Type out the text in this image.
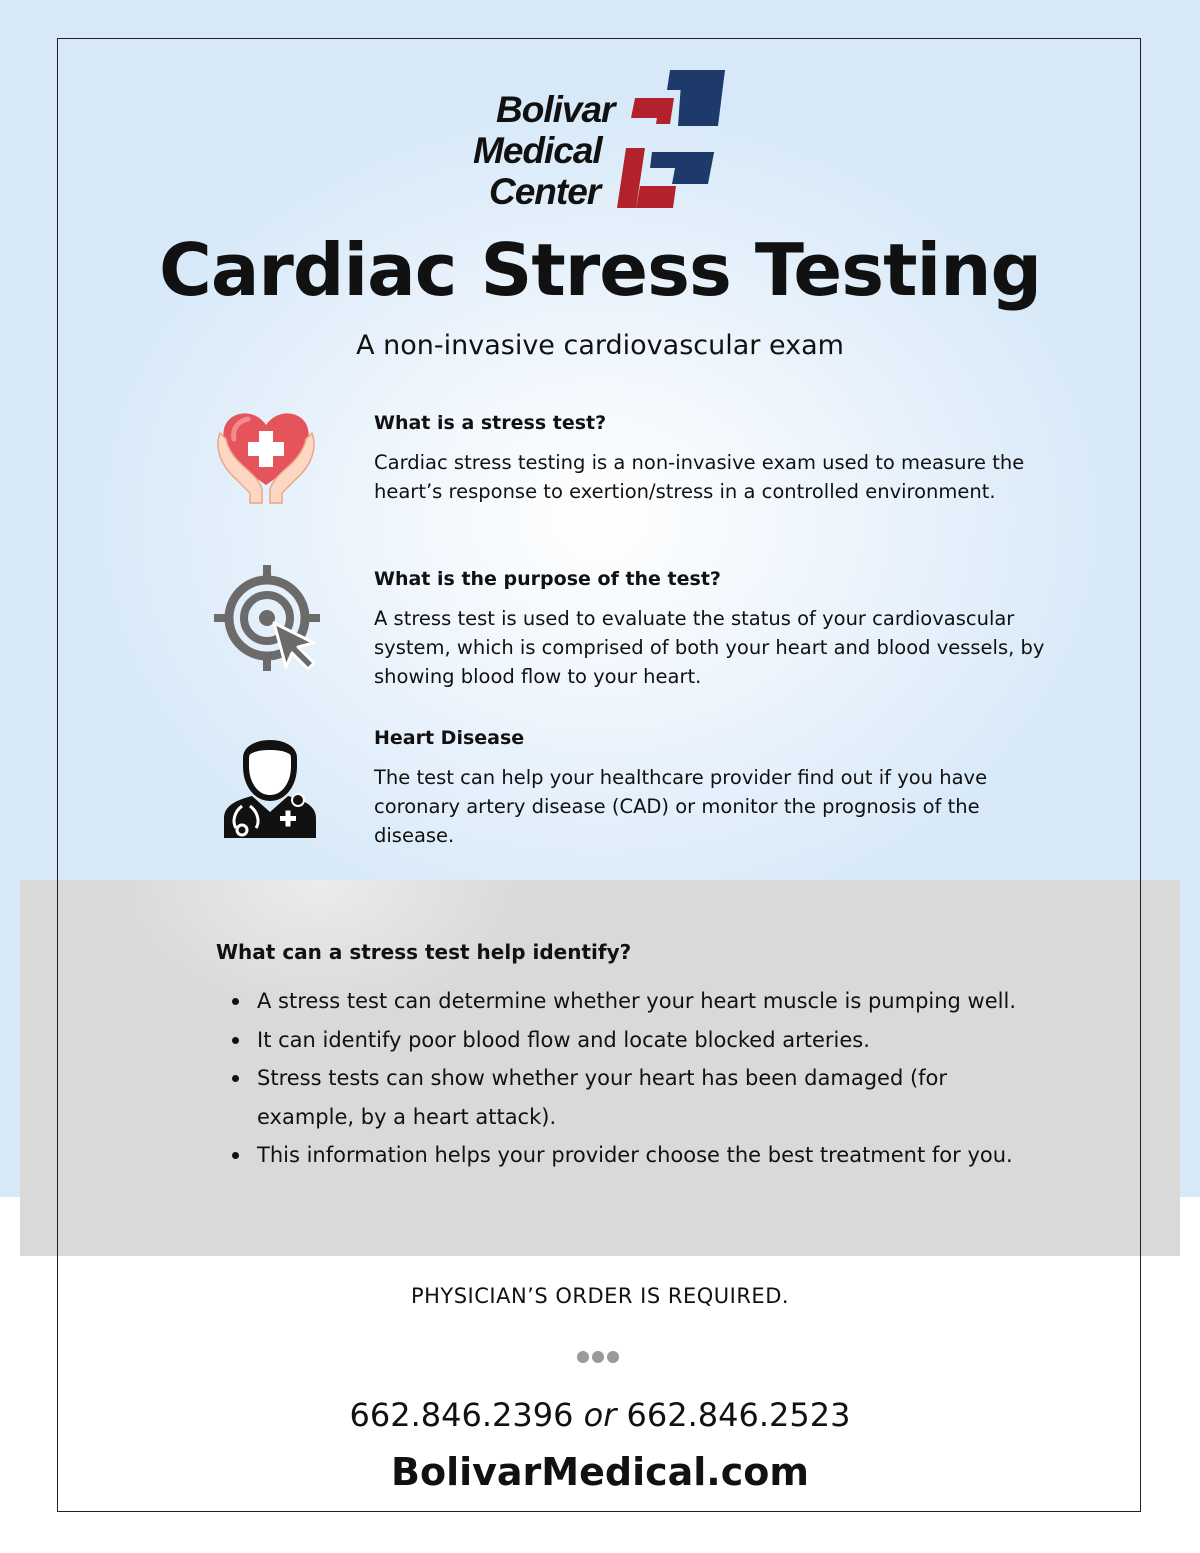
Bolivar
Medical
Center
Cardiac Stress Testing

A non-invasive cardiovascular exam

What is a stress test?

Cardiac stress testing is a non-invasive exam used to measure the heart’s response to exertion/stress in a controlled environment.

What is the purpose of the test?

A stress test is used to evaluate the status of your cardiovascular system, which is comprised of both your heart and blood vessels, by showing blood flow to your heart.

Heart Disease

The test can help your healthcare provider find out if you have coronary artery disease (CAD) or monitor the prognosis of the disease.

What can a stress test help identify?
A stress test can determine whether your heart muscle is pumping well.
It can identify poor blood flow and locate blocked arteries.
Stress tests can show whether your heart has been damaged (for example, by a heart attack).
This information helps your provider choose the best treatment for you.

PHYSICIAN’S ORDER IS REQUIRED.

662.846.2396 or 662.846.2523

BolivarMedical.com
